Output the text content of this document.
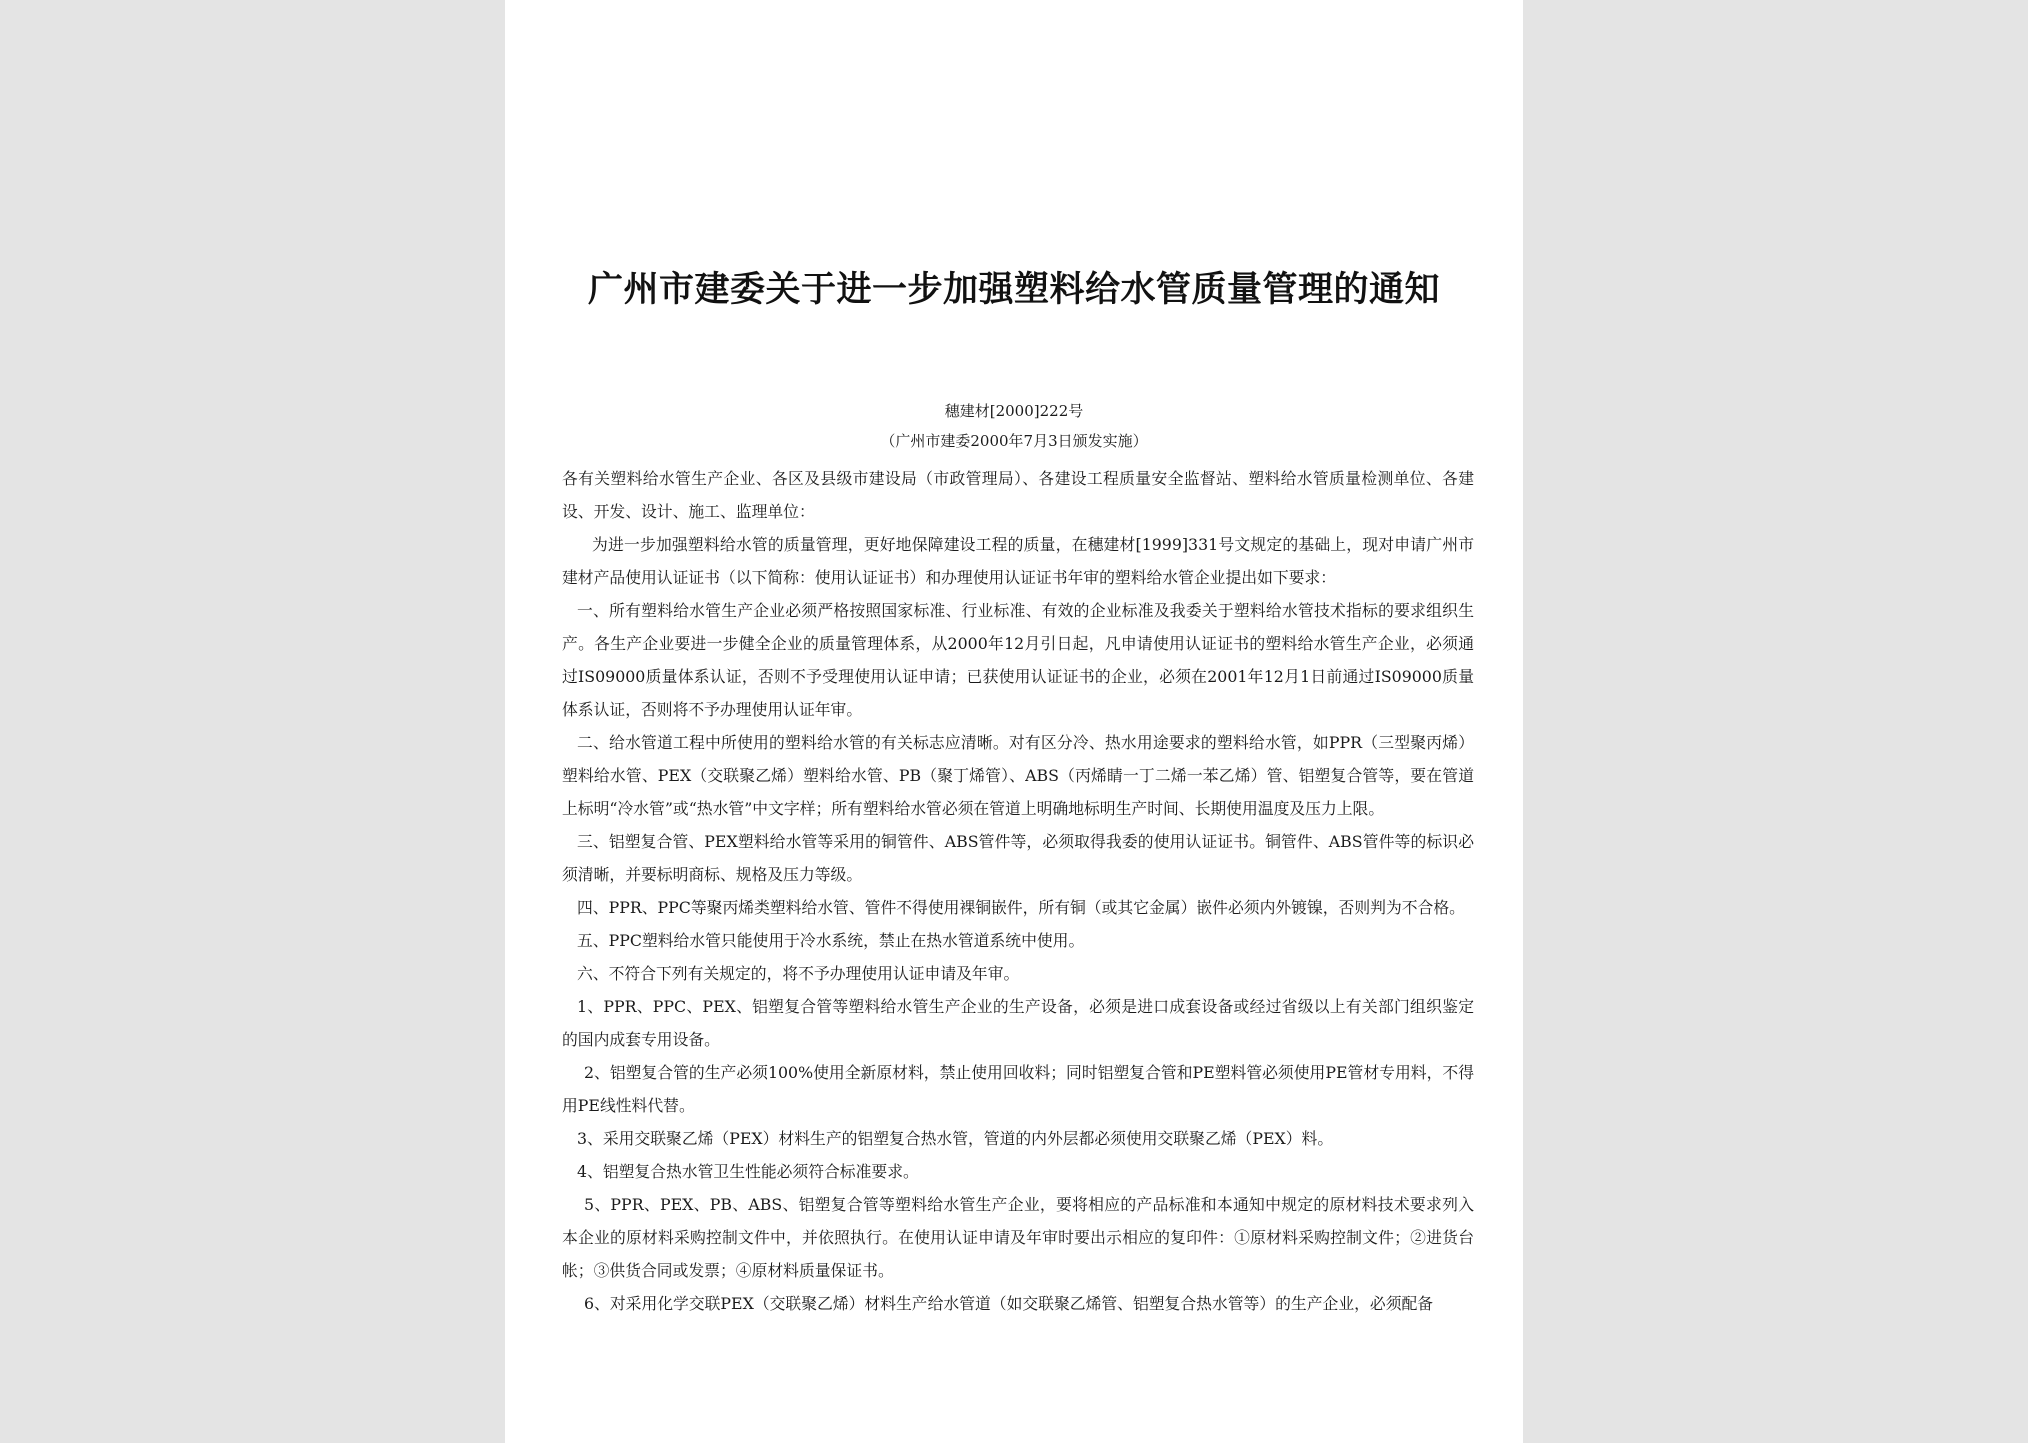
广州市建委关于进一步加强塑料给水管质量管理的通知
穗建材[2000]222号
（广州市建委2000年7月3日颁发实施）

各有关塑料给水管生产企业、各区及县级市建设局（市政管理局）、各建设工程质量安全监督站、塑料给水管质量检测单位、各建设、开发、设计、施工、监理单位：

为进一步加强塑料给水管的质量管理，更好地保障建设工程的质量，在穗建材[1999]331号文规定的基础上，现对申请广州市建材产品使用认证证书（以下简称：使用认证证书）和办理使用认证证书年审的塑料给水管企业提出如下要求：

一、所有塑料给水管生产企业必须严格按照国家标准、行业标准、有效的企业标准及我委关于塑料给水管技术指标的要求组织生产。各生产企业要进一步健全企业的质量管理体系，从2000年12月引日起，凡申请使用认证证书的塑料给水管生产企业，必须通过IS09000质量体系认证，否则不予受理使用认证申请；已获使用认证证书的企业，必须在2001年12月1日前通过IS09000质量体系认证，否则将不予办理使用认证年审。

二、给水管道工程中所使用的塑料给水管的有关标志应清晰。对有区分冷、热水用途要求的塑料给水管，如PPR（三型聚丙烯）塑料给水管、PEX（交联聚乙烯）塑料给水管、PB（聚丁烯管）、ABS（丙烯睛一丁二烯一苯乙烯）管、铝塑复合管等，要在管道上标明“冷水管”或“热水管”中文字样；所有塑料给水管必须在管道上明确地标明生产时间、长期使用温度及压力上限。

三、铝塑复合管、PEX塑料给水管等采用的铜管件、ABS管件等，必须取得我委的使用认证证书。铜管件、ABS管件等的标识必须清晰，并要标明商标、规格及压力等级。

四、PPR、PPC等聚丙烯类塑料给水管、管件不得使用裸铜嵌件，所有铜（或其它金属）嵌件必须内外镀镍，否则判为不合格。

五、PPC塑料给水管只能使用于冷水系统，禁止在热水管道系统中使用。

六、不符合下列有关规定的，将不予办理使用认证申请及年审。

1、PPR、PPC、PEX、铝塑复合管等塑料给水管生产企业的生产设备，必须是进口成套设备或经过省级以上有关部门组织鉴定的国内成套专用设备。

2、铝塑复合管的生产必须100%使用全新原材料，禁止使用回收料；同时铝塑复合管和PE塑料管必须使用PE管材专用料，不得用PE线性料代替。

3、采用交联聚乙烯（PEX）材料生产的铝塑复合热水管，管道的内外层都必须使用交联聚乙烯（PEX）料。

4、铝塑复合热水管卫生性能必须符合标准要求。

5、PPR、PEX、PB、ABS、铝塑复合管等塑料给水管生产企业，要将相应的产品标准和本通知中规定的原材料技术要求列入本企业的原材料采购控制文件中，并依照执行。在使用认证申请及年审时要出示相应的复印件：①原材料采购控制文件；②进货台帐；③供货合同或发票；④原材料质量保证书。

6、对采用化学交联PEX（交联聚乙烯）材料生产给水管道（如交联聚乙烯管、铝塑复合热水管等）的生产企业，必须配备
